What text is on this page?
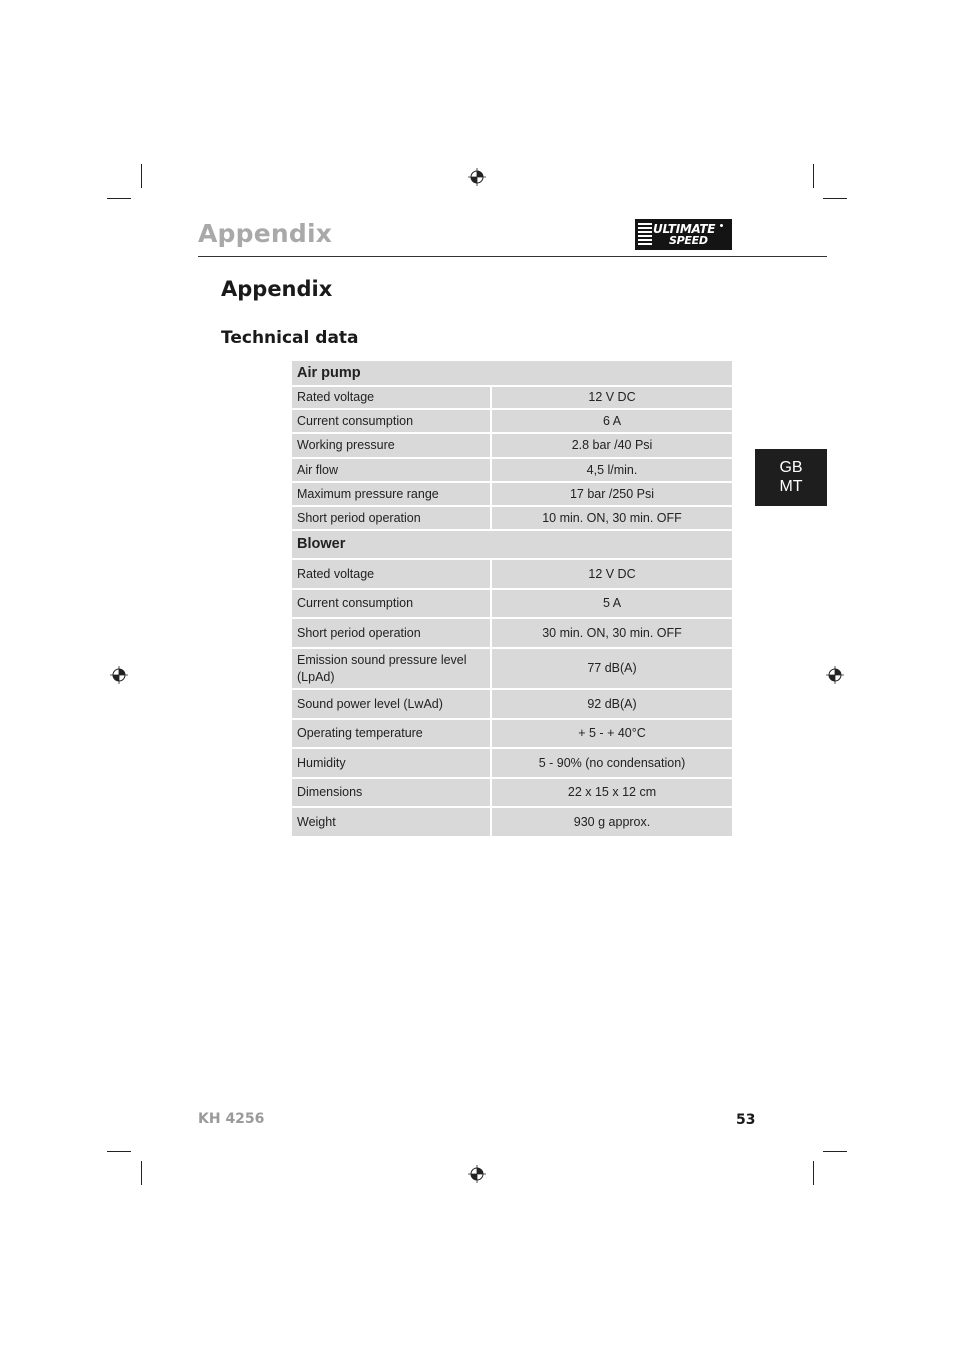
Appendix	ULTIMATE
SPEED
Appendix
Technical data
GB
MT
Air pump	
Rated voltage	12 V DC
Current consumption	6 A
Working pressure	2.8 bar /40 Psi
Air flow	4,5 l/min.
Maximum pressure range	17 bar /250 Psi
Short period operation	10 min. ON, 30 min. OFF
Blower	
Rated voltage	12 V DC
Current consumption	5 A
Short period operation	30 min. ON, 30 min. OFF
Emission sound pressure level (LpAd)	77 dB(A)
Sound power level (LwAd)	92 dB(A)
Operating temperature	+ 5 - + 40°C
Humidity	5 - 90% (no condensation)
Dimensions	22 x 15 x 12 cm
Weight	930 g approx.

KH 4256	53
